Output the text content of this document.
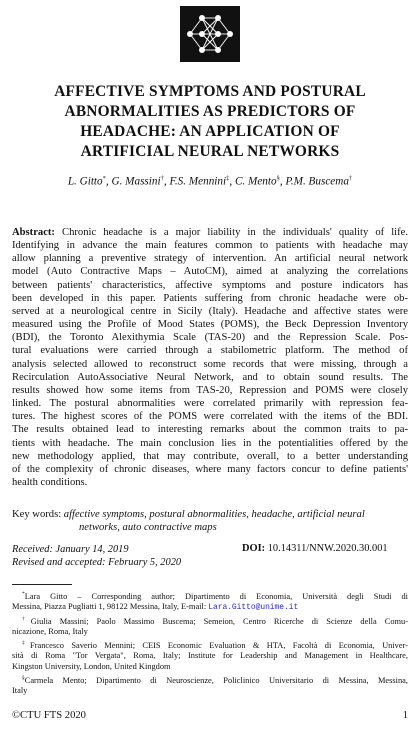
AFFECTIVE SYMPTOMS AND POSTURAL
ABNORMALITIES AS PREDICTORS OF
HEADACHE: AN APPLICATION OF
ARTIFICIAL NEURAL NETWORKS
L. Gitto*, G. Massini†, F.S. Mennini‡, C. Mento§, P.M. Buscema†
Abstract: Chronic headache is a major liability in the individuals' quality of life.
Identifying in advance the main features common to patients with headache may
allow planning a preventive strategy of intervention. An artificial neural network
model (Auto Contractive Maps – AutoCM), aimed at analyzing the correlations
between patients' characteristics, affective symptoms and posture indicators has
been developed in this paper. Patients suffering from chronic headache were ob-
served at a neurological centre in Sicily (Italy). Headache and affective states were
measured using the Profile of Mood States (POMS), the Beck Depression Inventory
(BDI), the Toronto Alexithymia Scale (TAS-20) and the Repression Scale. Pos-
tural evaluations were carried through a stabilometric platform. The method of
analysis selected allowed to reconstruct some records that were missing, through a
Recirculation AutoAssociative Neural Network, and to obtain sound results. The
results showed how some items from TAS-20, Repression and POMS were closely
linked. The postural abnormalities were correlated primarily with repression fea-
tures. The highest scores of the POMS were correlated with the items of the BDI.
The results obtained lead to interesting remarks about the common traits to pa-
tients with headache. The main conclusion lies in the potentialities offered by the
new methodology applied, that may contribute, overall, to a better understanding
of the complexity of chronic diseases, where many factors concur to define patients'
health conditions.
Key words: affective symptoms, postural abnormalities, headache, artificial neural
networks, auto contractive maps
Received: January 14, 2019
Revised and accepted: February 5, 2020
DOI: 10.14311/NNW.2020.30.001
*Lara Gitto – Corresponding author; Dipartimento di Economia, Università degli Studi di
Messina, Piazza Pugliatti 1, 98122 Messina, Italy, E-mail: Lara.Gitto@unime.it
†Giulia Massini; Paolo Massimo Buscema; Semeion, Centro Ricerche di Scienze della Comu-
nicazione, Roma, Italy
‡Francesco Saverio Mennini; CEIS Economic Evaluation & HTA, Facoltà di Economia, Univer-
sità di Roma "Tor Vergata", Roma, Italy; Institute for Leadership and Management in Healthcare,
Kingston University, London, United Kingdom
§Carmela Mento; Dipartimento di Neuroscienze, Policlinico Universitario di Messina, Messina,
Italy
©CTU FTS 2020	1
